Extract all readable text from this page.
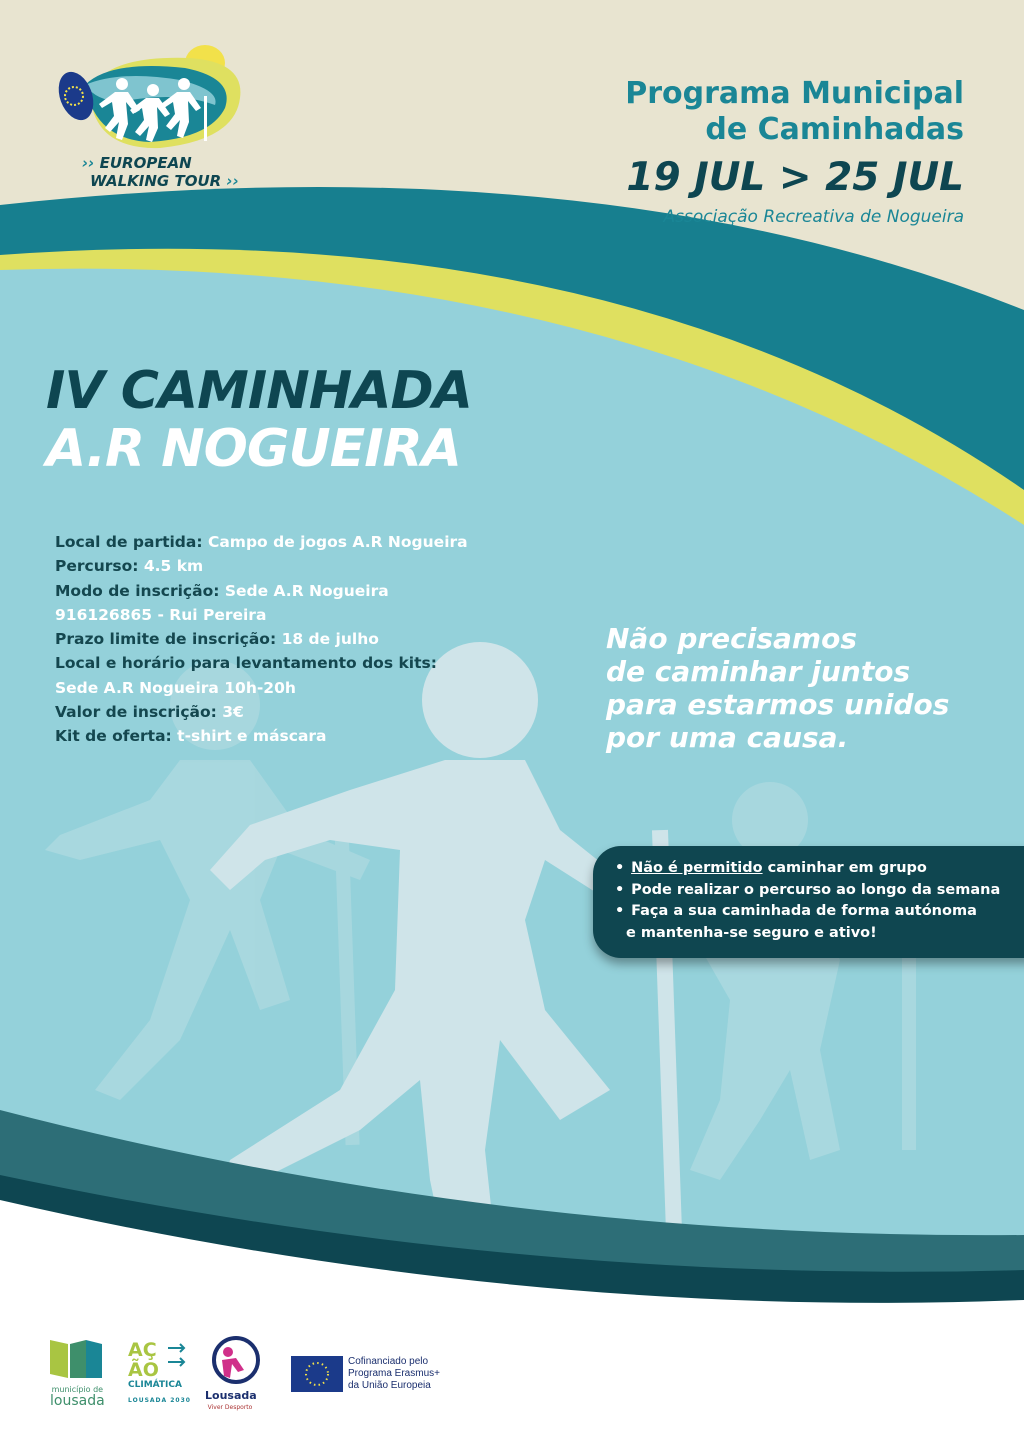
›› EUROPEAN
WALKING TOUR ››
Programa Municipal
de Caminhadas
19 JUL > 25 JUL
Associação Recreativa de Nogueira
IV CAMINHADA
A.R NOGUEIRA
Local de partida: Campo de jogos A.R Nogueira
Percurso: 4.5 km
Modo de inscrição: Sede A.R Nogueira
916126865 - Rui Pereira
Prazo limite de inscrição: 18 de julho
Local e horário para levantamento dos kits:
Sede A.R Nogueira 10h-20h
Valor de inscrição: 3€
Kit de oferta: t-shirt e máscara
Não precisamos
de caminhar juntos
para estarmos unidos
por uma causa.
• Não é permitido caminhar em grupo
• Pode realizar o percurso ao longo da semana
• Faça a sua caminhada de forma autónoma
e mantenha-se seguro e ativo!
município de
lousada
AÇ
ÃO
CLIMÁTICA
LOUSADA 2030 Lousada
Viver Desporto
Cofinanciado pelo
Programa Erasmus+
da União Europeia
